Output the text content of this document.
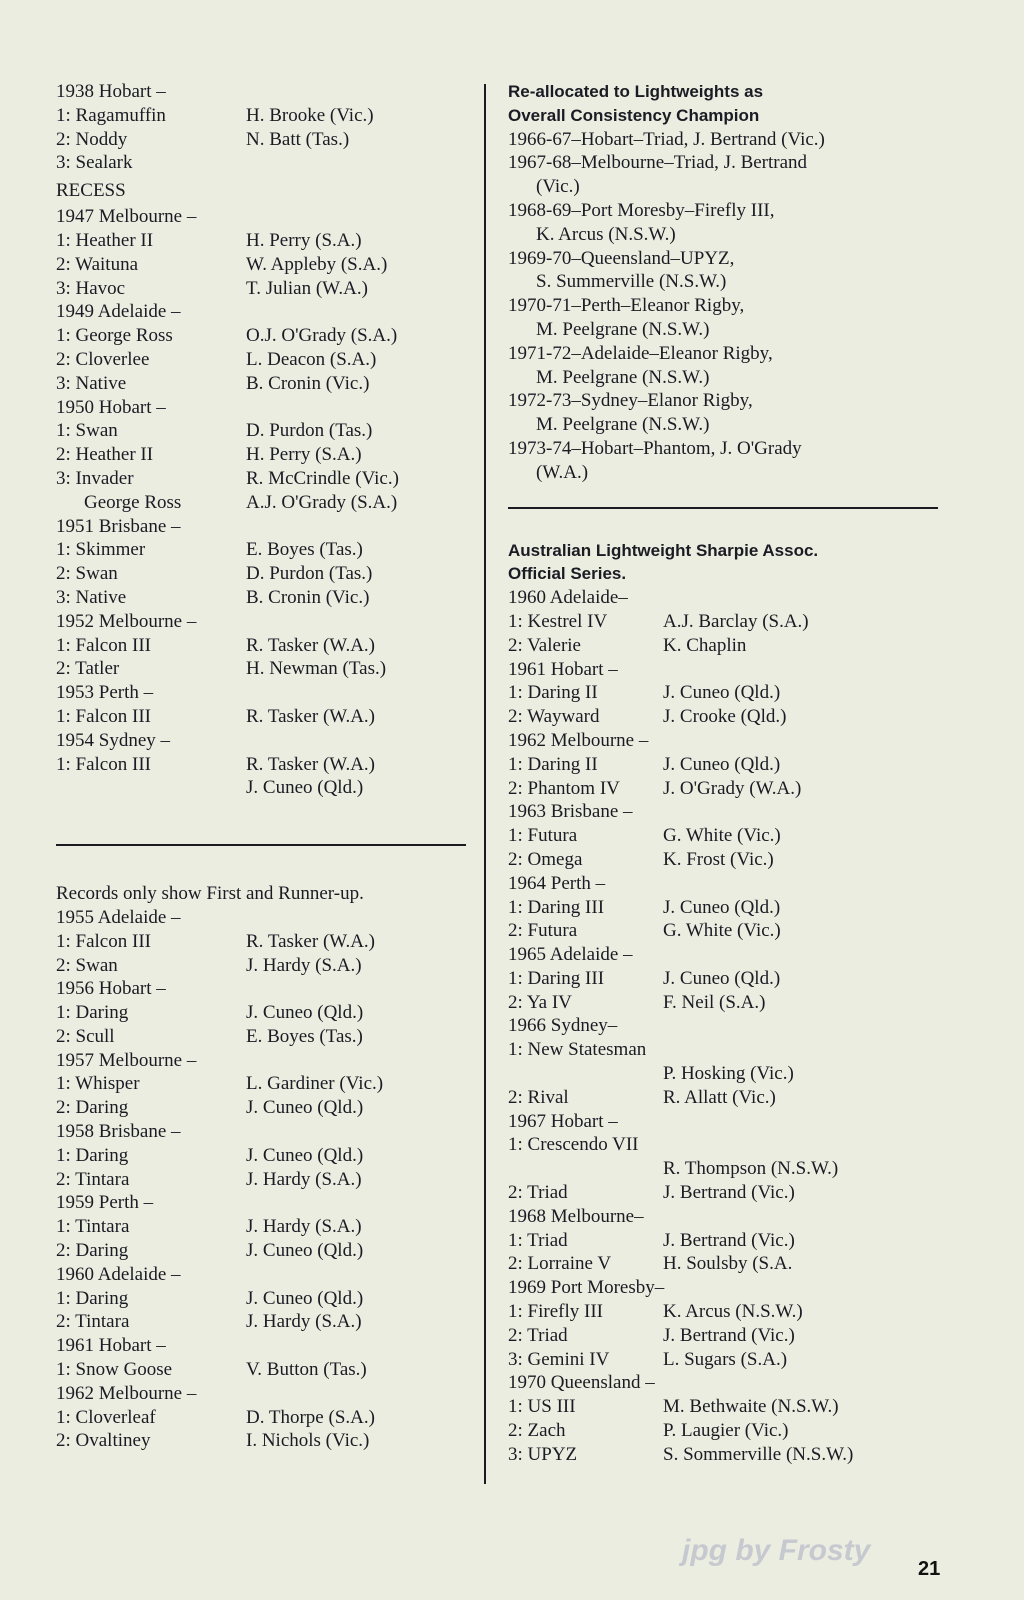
1938 Hobart –
1: Ragamuffin	H. Brooke (Vic.)
2: Noddy	N. Batt (Tas.)
3: Sealark
RECESS
1947 Melbourne –
1: Heather II	H. Perry (S.A.)
2: Waituna	W. Appleby (S.A.)
3: Havoc	T. Julian (W.A.)
1949 Adelaide –
1: George Ross	O.J. O'Grady (S.A.)
2: Cloverlee	L. Deacon (S.A.)
3: Native	B. Cronin (Vic.)
1950 Hobart –
1: Swan	D. Purdon (Tas.)
2: Heather II	H. Perry (S.A.)
3: Invader	R. McCrindle (Vic.)
George Ross	A.J. O'Grady (S.A.)
1951 Brisbane –
1: Skimmer	E. Boyes (Tas.)
2: Swan	D. Purdon (Tas.)
3: Native	B. Cronin (Vic.)
1952 Melbourne –
1: Falcon III	R. Tasker (W.A.)
2: Tatler	H. Newman (Tas.)
1953 Perth –
1: Falcon III	R. Tasker (W.A.)
1954 Sydney –
1: Falcon III	R. Tasker (W.A.)
J. Cuneo (Qld.)
Records only show First and Runner-up.
1955 Adelaide –
1: Falcon III	R. Tasker (W.A.)
2: Swan	J. Hardy (S.A.)
1956 Hobart –
1: Daring	J. Cuneo (Qld.)
2: Scull	E. Boyes (Tas.)
1957 Melbourne –
1: Whisper	L. Gardiner (Vic.)
2: Daring	J. Cuneo (Qld.)
1958 Brisbane –
1: Daring	J. Cuneo (Qld.)
2: Tintara	J. Hardy (S.A.)
1959 Perth –
1: Tintara	J. Hardy (S.A.)
2: Daring	J. Cuneo (Qld.)
1960 Adelaide –
1: Daring	J. Cuneo (Qld.)
2: Tintara	J. Hardy (S.A.)
1961 Hobart –
1: Snow Goose	V. Button (Tas.)
1962 Melbourne –
1: Cloverleaf	D. Thorpe (S.A.)
2: Ovaltiney	I. Nichols (Vic.)
Re-allocated to Lightweights as
Overall Consistency Champion
1966-67–Hobart–Triad, J. Bertrand (Vic.)
1967-68–Melbourne–Triad, J. Bertrand
(Vic.)
1968-69–Port Moresby–Firefly III,
K. Arcus (N.S.W.)
1969-70–Queensland–UPYZ,
S. Summerville (N.S.W.)
1970-71–Perth–Eleanor Rigby,
M. Peelgrane (N.S.W.)
1971-72–Adelaide–Eleanor Rigby,
M. Peelgrane (N.S.W.)
1972-73–Sydney–Elanor Rigby,
M. Peelgrane (N.S.W.)
1973-74–Hobart–Phantom, J. O'Grady
(W.A.)
Australian Lightweight Sharpie Assoc.
Official Series.
1960 Adelaide–
1: Kestrel IV	A.J. Barclay (S.A.)
2: Valerie	K. Chaplin
1961 Hobart –
1: Daring II	J. Cuneo (Qld.)
2: Wayward	J. Crooke (Qld.)
1962 Melbourne –
1: Daring II	J. Cuneo (Qld.)
2: Phantom IV J. O'Grady (W.A.)
1963 Brisbane –
1: Futura	G. White (Vic.)
2: Omega	K. Frost (Vic.)
1964 Perth –
1: Daring III	J. Cuneo (Qld.)
2: Futura	G. White (Vic.)
1965 Adelaide –
1: Daring III	J. Cuneo (Qld.)
2: Ya IV	F. Neil (S.A.)
1966 Sydney–
1: New Statesman
P. Hosking (Vic.)
2: Rival	R. Allatt (Vic.)
1967 Hobart –
1: Crescendo VII
R. Thompson (N.S.W.)
2: Triad	J. Bertrand (Vic.)
1968 Melbourne–
1: Triad	J. Bertrand (Vic.)
2: Lorraine V	H. Soulsby (S.A.
1969 Port Moresby–
1: Firefly III	K. Arcus (N.S.W.)
2: Triad	J. Bertrand (Vic.)
3: Gemini IV	L. Sugars (S.A.)
1970 Queensland –
1: US III	M. Bethwaite (N.S.W.)
2: Zach	P. Laugier (Vic.)
3: UPYZ	S. Sommerville (N.S.W.)
jpg by Frosty
21
